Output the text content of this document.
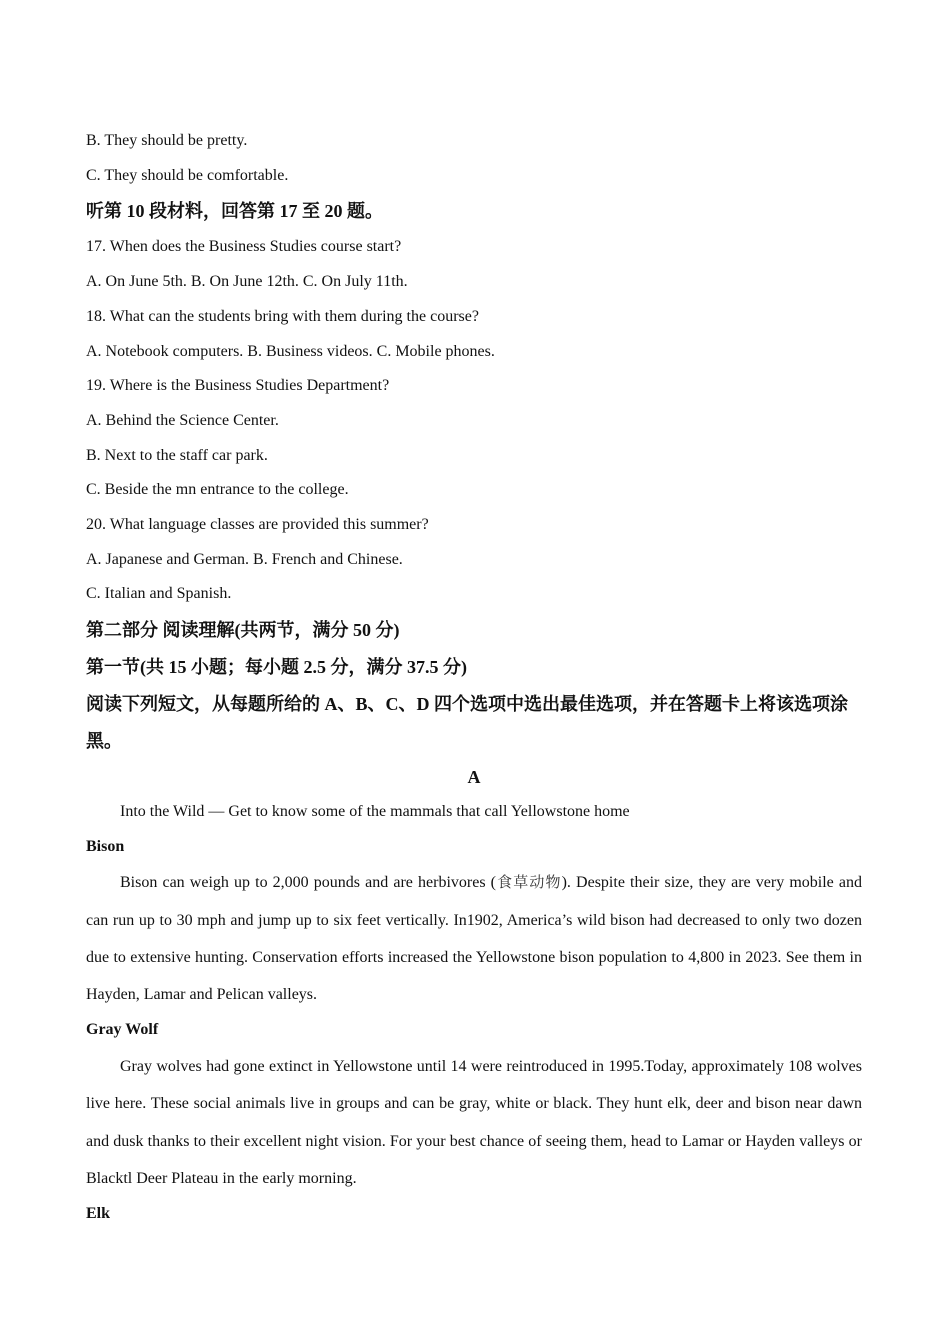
B. They should be pretty.
C. They should be comfortable.
听第 10 段材料，回答第 17 至 20 题。
17. When does the Business Studies course start?
A. On June 5th. B. On June 12th. C. On July 11th.
18. What can the students bring with them during the course?
A. Notebook computers. B. Business videos. C. Mobile phones.
19. Where is the Business Studies Department?
A. Behind the Science Center.
B. Next to the staff car park.
C. Beside the mn entrance to the college.
20. What language classes are provided this summer?
A. Japanese and German. B. French and Chinese.
C. Italian and Spanish.
第二部分 阅读理解(共两节，满分 50 分)
第一节(共 15 小题；每小题 2.5 分，满分 37.5 分)
阅读下列短文，从每题所给的 A、B、C、D 四个选项中选出最佳选项，并在答题卡上将该选项涂黑。
A
Into the Wild — Get to know some of the mammals that call Yellowstone home
Bison
Bison can weigh up to 2,000 pounds and are herbivores (食草动物). Despite their size, they are very mobile and can run up to 30 mph and jump up to six feet vertically. In1902, America’s wild bison had decreased to only two dozen due to extensive hunting. Conservation efforts increased the Yellowstone bison population to 4,800 in 2023. See them in Hayden, Lamar and Pelican valleys.
Gray Wolf
Gray wolves had gone extinct in Yellowstone until 14 were reintroduced in 1995.Today, approximately 108 wolves live here. These social animals live in groups and can be gray, white or black. They hunt elk, deer and bison near dawn and dusk thanks to their excellent night vision. For your best chance of seeing them, head to Lamar or Hayden valleys or Blacktl Deer Plateau in the early morning.
Elk
